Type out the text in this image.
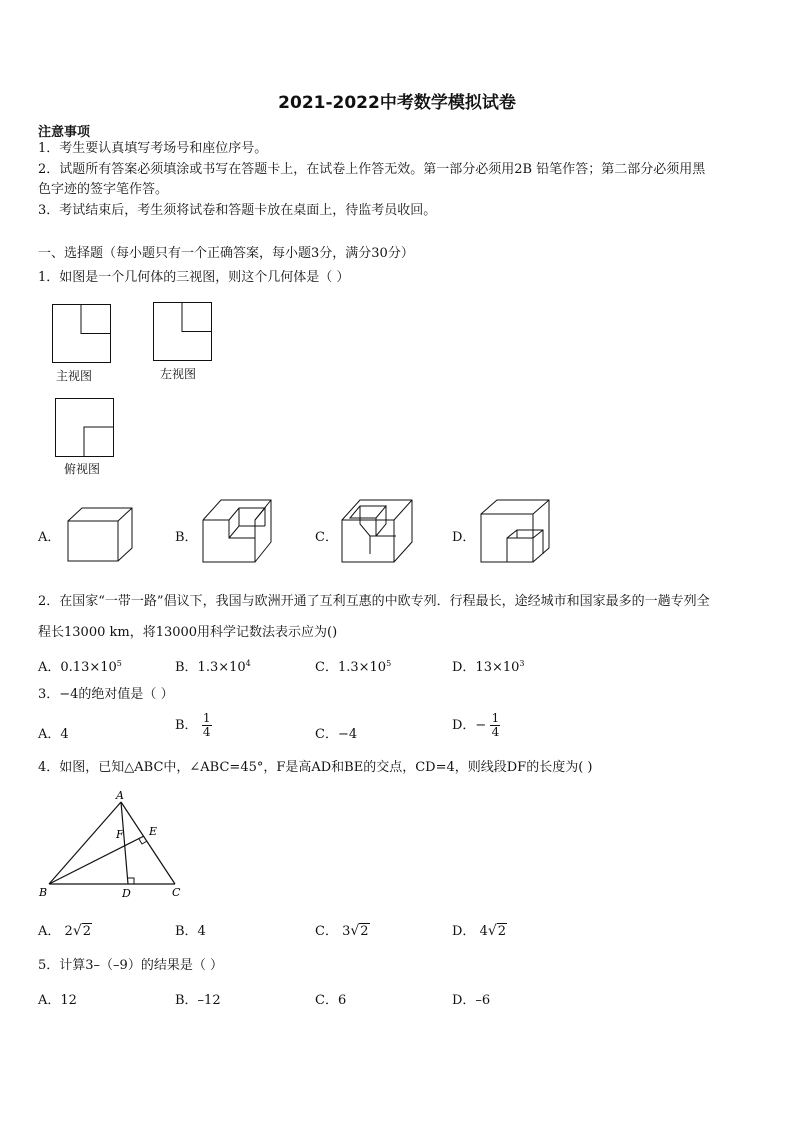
2021-2022中考数学模拟试卷
注意事项
1．考生要认真填写考场号和座位序号。
2．试题所有答案必须填涂或书写在答题卡上，在试卷上作答无效。第一部分必须用2B 铅笔作答；第二部分必须用黑
色字迹的签字笔作答。
3．考试结束后，考生须将试卷和答题卡放在桌面上，待监考员收回。
一、选择题（每小题只有一个正确答案，每小题3分，满分30分）
1．如图是一个几何体的三视图，则这个几何体是（ ）
主视图	左视图
俯视图
A．	B．	C．	D．
2．在国家“一带一路”倡议下，我国与欧洲开通了互利互惠的中欧专列．行程最长，途经城市和国家最多的一趟专列全
程长13000 km，将13000用科学记数法表示应为()
A．$0.13\times 10^5$	B．$1.3\times 10^4$	C．$1.3\times 10^5$	D．$13\times 10^3$
3．−4的绝对值是（ ）
A．4
B． $\frac{1}{4}$	C．−4
D．− $\frac{1}{4}$
4．如图，已知△ABC中，∠ABC=45°，F是高AD和BE的交点，CD=4，则线段DF的长度为( )
A
B	C
D
E
F
A． 2√2	B．4	C． 3√2	D． 4√2
5．计算3–（–9）的结果是（ ）
A．12	B．–12	C．6	D．–6
